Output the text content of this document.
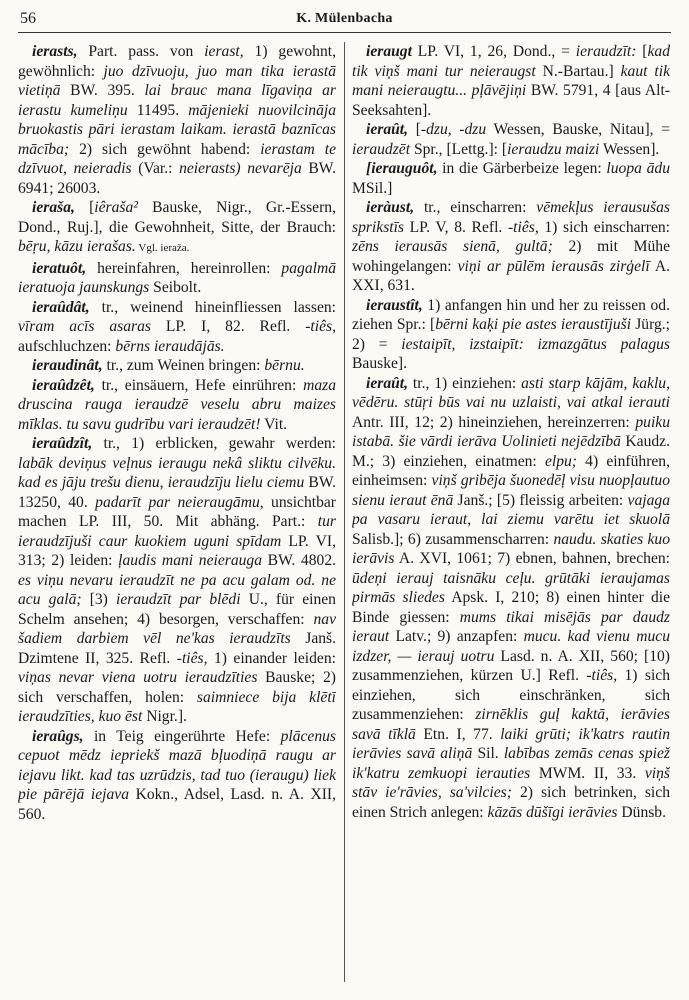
56	K. Mülenbacha

ierasts, Part. pass. von ierast, 1) gewohnt, gewöhnlich: juo dzīvuoju, juo man tika ierastā vietiņā BW. 395. lai brauc mana līgaviņa ar ierastu kumeliņu 11495. mājenieki nuovilcināja bruokastis pāri ierastam laikam. ierastā baznīcas mācība; 2) sich gewöhnt habend: ierastam te dzīvuot, neieradis (Var.: neierasts) nevarēja BW. 6941; 26003.

ieraša, [iêraša² Bauske, Nigr., Gr.-Essern, Dond., Ruj.], die Gewohnheit, Sitte, der Brauch: bēŗu, kāzu ierašas. Vgl. ieraža.

ieratuôt, hereinfahren, hereinrollen: pagalmā ieratuoja jaunskungs Seibolt.

ieraûdât, tr., weinend hineinfliessen lassen: vīram acīs asaras LP. I, 82. Refl. -tiês, aufschluchzen: bērns ieraudājās.

ieraudinât, tr., zum Weinen bringen: bērnu.

ieraûdzêt, tr., einsäuern, Hefe einrühren: maza druscina rauga ieraudzē veselu abru maizes mīklas. tu savu gudrību vari ieraudzēt! Vit.

ieraûdzît, tr., 1) erblicken, gewahr werden: labāk deviņus veļnus ieraugu nekâ sliktu cilvēku. kad es jāju trešu dienu, ieraudzīju lielu ciemu BW. 13250, 40. padarīt par neieraugāmu, unsichtbar machen LP. III, 50. Mit abhäng. Part.: tur ieraudzījuši caur kuokiem uguni spīdam LP. VI, 313; 2) leiden: ļaudis mani neierauga BW. 4802. es viņu nevaru ieraudzīt ne pa acu galam od. ne acu galā; [3) ieraudzīt par blēdi U., für einen Schelm ansehen; 4) besorgen, verschaffen: nav šadiem darbiem vēl ne'kas ieraudzīts Janš. Dzimtene II, 325. Refl. -tiês, 1) einander leiden: viņas nevar viena uotru ieraudzīties Bauske; 2) sich verschaffen, holen: saimniece bija klētī ieraudzīties, kuo ēst Nigr.].

ieraûgs, in Teig eingerührte Hefe: plācenus cepuot mēdz iepriekš mazā bļuodiņā raugu ar iejavu likt. kad tas uzrūdzis, tad tuo (ieraugu) liek pie pārējā iejava Kokn., Adsel, Lasd. n. A. XII, 560.

ieraugt LP. VI, 1, 26, Dond., = ieraudzīt: [kad tik viņš mani tur neieraugst N.-Bartau.] kaut tik mani neieraugtu... pļāvējiņi BW. 5791, 4 [aus Alt-Seeksahten].

ieraût, [-dzu, -dzu Wessen, Bauske, Nitau], = ieraudzēt Spr., [Lettg.]: [ieraudzu maizi Wessen].

[ierauguôt, in die Gärberbeize legen: luopa ādu MSil.]

ieràust, tr., einscharren: vēmekļus ierausušas sprikstīs LP. V, 8. Refl. -tiês, 1) sich einscharren: zēns ierausās sienā, gultā; 2) mit Mühe wohingelangen: viņi ar pūlēm ierausās zirģelī A. XXI, 631.

ieraustît, 1) anfangen hin und her zu reissen od. ziehen Spr.: [bērni kaķi pie astes ieraustījuši Jürg.; 2) = iestaipīt, izstaipīt: izmazgātus palagus Bauske].

ieraût, tr., 1) einziehen: asti starp kājām, kaklu, vēdēru. stūŗi būs vai nu uzlaisti, vai atkal ierauti Antr. III, 12; 2) hineinziehen, hereinzerren: puiku istabā. šie vārdi ierāva Uolinieti nejēdzībā Kaudz. M.; 3) einziehen, einatmen: elpu; 4) einführen, einheimsen: viņš gribēja šuonedēļ visu nuopļautuo sienu ieraut ēnā Janš.; [5) fleissig arbeiten: vajaga pa vasaru ieraut, lai ziemu varētu iet skuolā Salisb.]; 6) zusammenscharren: naudu. skaties kuo ierāvis A. XVI, 1061; 7) ebnen, bahnen, brechen: ūdeņi ierauj taisnāku ceļu. grūtāki ieraujamas pirmās sliedes Apsk. I, 210; 8) einen hinter die Binde giessen: mums tikai misējās par daudz ieraut Latv.; 9) anzapfen: mucu. kad vienu mucu izdzer, — ierauj uotru Lasd. n. A. XII, 560; [10) zusammenziehen, kürzen U.] Refl. -tiês, 1) sich einziehen, sich einschränken, sich zusammenziehen: zirnēklis guļ kaktā, ierāvies savā tīklā Etn. I, 77. laiki grūti; ik'katrs rautin ierāvies savā aliņā Sil. labības zemās cenas spiež ik'katru zemkuopi ierauties MWM. II, 33. viņš stāv ie'rāvies, sa'vilcies; 2) sich betrinken, sich einen Strich anlegen: kāzās dūšīgi ierāvies Dünsb.
